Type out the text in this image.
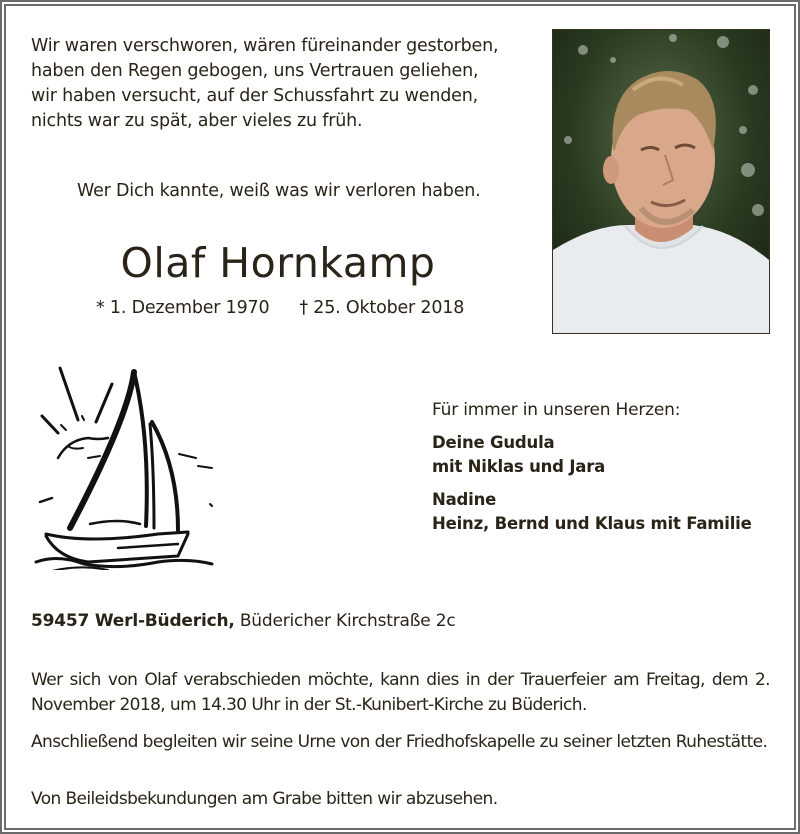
Wir waren verschworen, wären füreinander gestorben,
haben den Regen gebogen, uns Vertrauen geliehen,
wir haben versucht, auf der Schussfahrt zu wenden,
nichts war zu spät, aber vieles zu früh.
Wer Dich kannte, weiß was wir verloren haben.
Olaf Hornkamp
* 1. Dezember 1970 † 25. Oktober 2018
Für immer in unseren Herzen:
Deine Gudula
mit Niklas und Jara
Nadine
Heinz, Bernd und Klaus mit Familie
59457 Werl-Büderich, Büdericher Kirchstraße 2c
Wer sich von Olaf verabschieden möchte, kann dies in der Trauerfeier am Freitag, dem 2. November 2018, um 14.30 Uhr in der St.-Kunibert-Kirche zu Büderich.
Anschließend begleiten wir seine Urne von der Friedhofskapelle zu seiner letzten Ruhestätte.
Von Beileidsbekundungen am Grabe bitten wir abzusehen.
